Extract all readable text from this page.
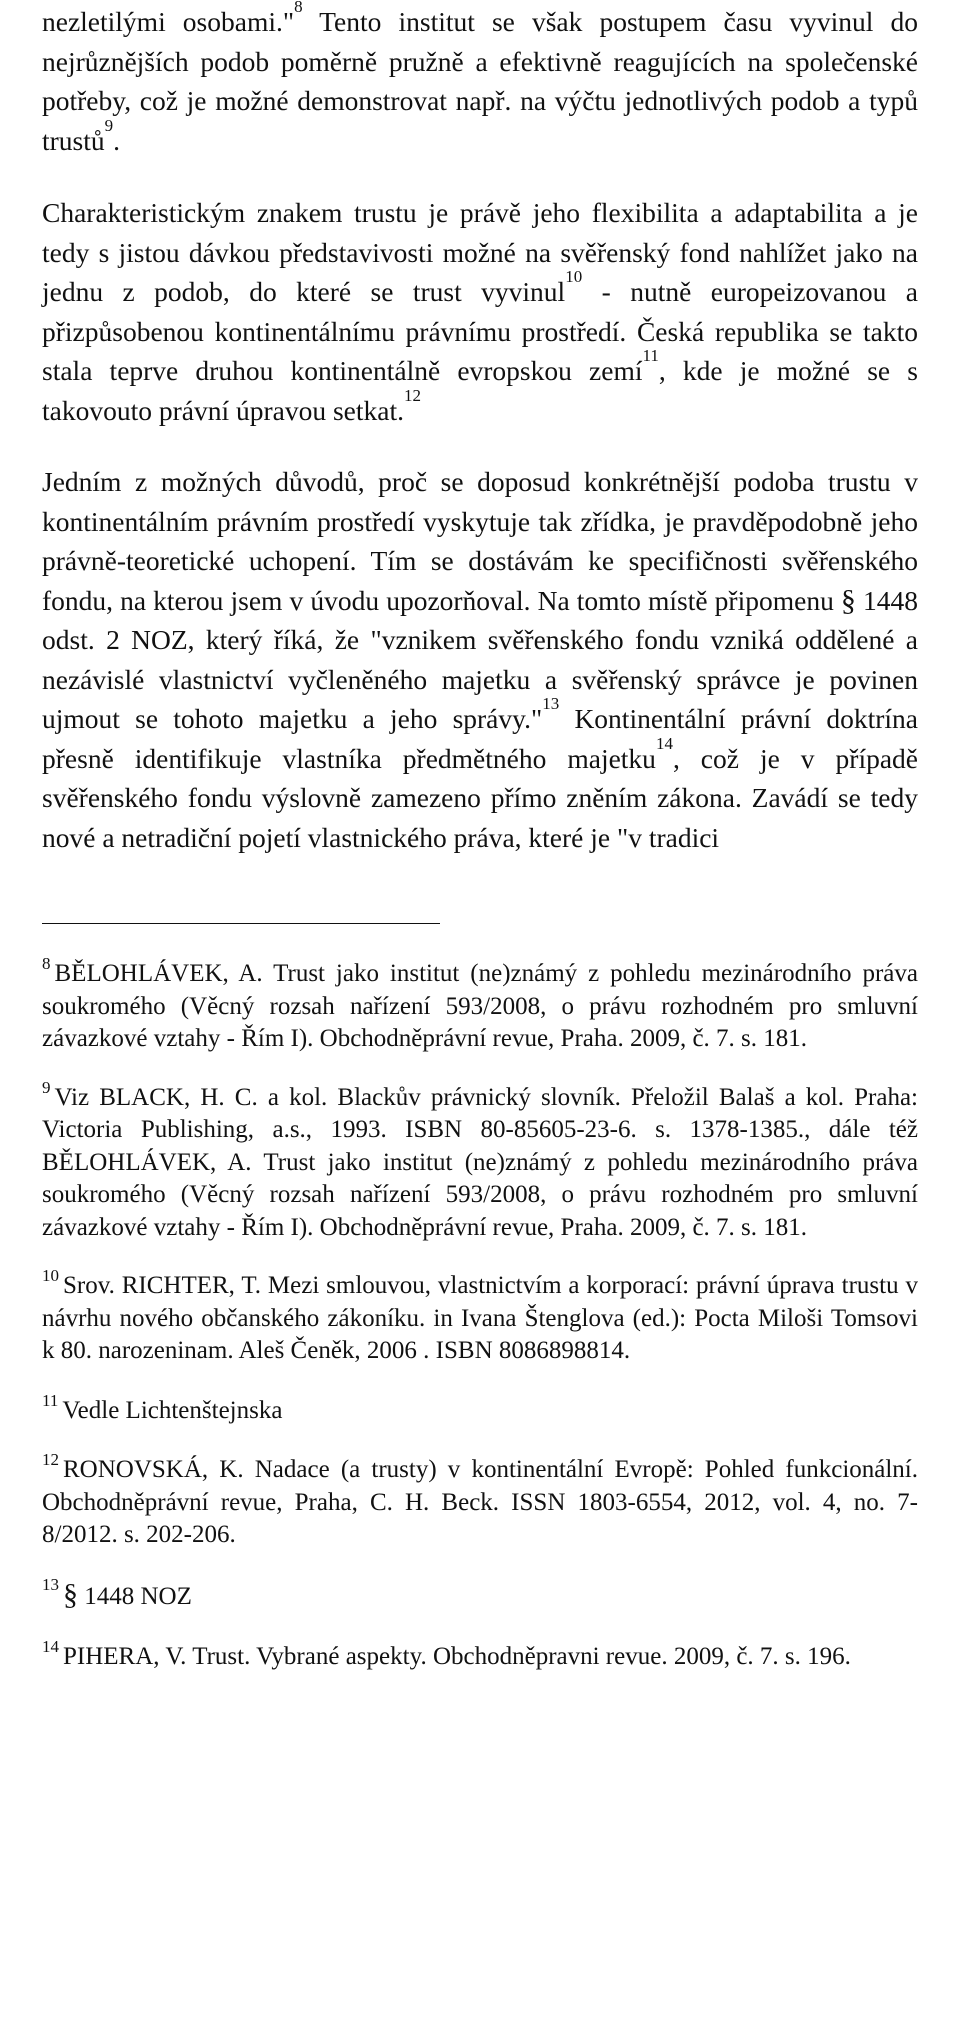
nezletilými osobami."$^8$ Tento institut se však postupem času vyvinul do nejrůznějších podob poměrně pružně a efektivně reagujících na společenské potřeby, což je možné demonstrovat např. na výčtu jednotlivých podob a typů trustů$^9$.

Charakteristickým znakem trustu je právě jeho flexibilita a adaptabilita a je tedy s jistou dávkou představivosti možné na svěřenský fond nahlížet jako na jednu z podob, do které se trust vyvinul$^{10}$ - nutně europeizovanou a přizpůsobenou kontinentálnímu právnímu prostředí. Česká republika se takto stala teprve druhou kontinentálně evropskou zemí$^{11}$, kde je možné se s takovouto právní úpravou setkat.$^{12}$

Jedním z možných důvodů, proč se doposud konkrétnější podoba trustu v kontinentálním právním prostředí vyskytuje tak zřídka, je pravděpodobně jeho právně-teoretické uchopení. Tím se dostávám ke specifičnosti svěřenského fondu, na kterou jsem v úvodu upozorňoval. Na tomto místě připomenu § 1448 odst. 2 NOZ, který říká, že "vznikem svěřenského fondu vzniká oddělené a nezávislé vlastnictví vyčleněného majetku a svěřenský správce je povinen ujmout se tohoto majetku a jeho správy."$^{13}$ Kontinentální právní doktrína přesně identifikuje vlastníka předmětného majetku$^{14}$, což je v případě svěřenského fondu výslovně zamezeno přímo zněním zákona. Zavádí se tedy nové a netradiční pojetí vlastnického práva, které je "v tradici

$^8$ BĚLOHLÁVEK, A. Trust jako institut (ne)známý z pohledu mezinárodního práva soukromého (Věcný rozsah nařízení 593/2008, o právu rozhodném pro smluvní závazkové vztahy - Řím I). Obchodněprávní revue, Praha. 2009, č. 7. s. 181.

$^9$ Viz BLACK, H. C. a kol. Blackův právnický slovník. Přeložil Balaš a kol. Praha: Victoria Publishing, a.s., 1993. ISBN 80-85605-23-6. s. 1378-1385., dále též BĚLOHLÁVEK, A. Trust jako institut (ne)známý z pohledu mezinárodního práva soukromého (Věcný rozsah nařízení 593/2008, o právu rozhodném pro smluvní závazkové vztahy - Řím I). Obchodněprávní revue, Praha. 2009, č. 7. s. 181.

$^{10}$ Srov. RICHTER, T. Mezi smlouvou, vlastnictvím a korporací: právní úprava trustu v návrhu nového občanského zákoníku. in Ivana Štenglova (ed.): Pocta Miloši Tomsovi k 80. narozeninam. Aleš Čeněk, 2006 . ISBN 8086898814.

$^{11}$ Vedle Lichtenštejnska

$^{12}$ RONOVSKÁ, K. Nadace (a trusty) v kontinentální Evropě: Pohled funkcionální. Obchodněprávní revue, Praha, C. H. Beck. ISSN 1803-6554, 2012, vol. 4, no. 7-8/2012. s. 202-206.

$^{13}$ § 1448 NOZ

$^{14}$ PIHERA, V. Trust. Vybrané aspekty. Obchodněpravni revue. 2009, č. 7. s. 196.
